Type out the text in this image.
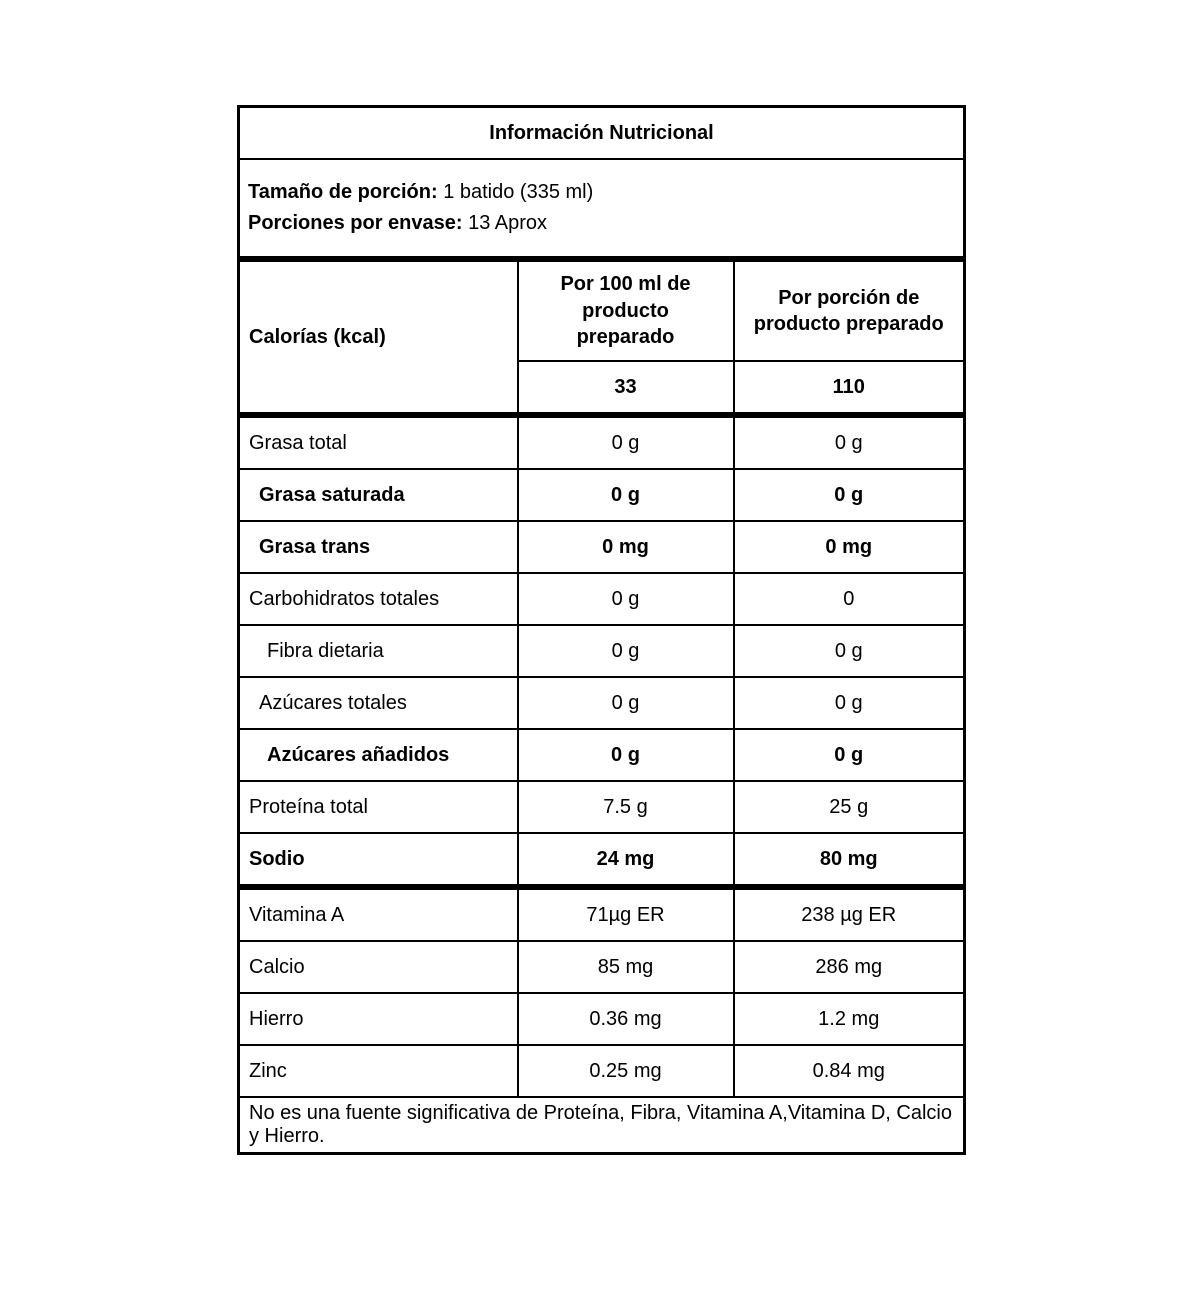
Información Nutricional		

Tamaño de porción: 1 batido (335 ml)
Porciones por envase: 13 Aprox		

Calorías (kcal)	Por 100 ml de producto preparado	Por porción de producto preparado
	33	110
Grasa total	0 g	0 g
Grasa saturada	0 g	0 g
Grasa trans	0 mg	0 mg
Carbohidratos totales	0 g	0
Fibra dietaria	0 g	0 g
Azúcares totales	0 g	0 g
Azúcares añadidos	0 g	0 g
Proteína total	7.5 g	25 g
Sodio	24 mg	80 mg
Vitamina A	71µg ER	238 µg ER
Calcio	85 mg	286 mg
Hierro	0.36 mg	1.2 mg
Zinc	0.25 mg	0.84 mg
No es una fuente significativa de Proteína, Fibra, Vitamina A,Vitamina D, Calcio y Hierro.		
